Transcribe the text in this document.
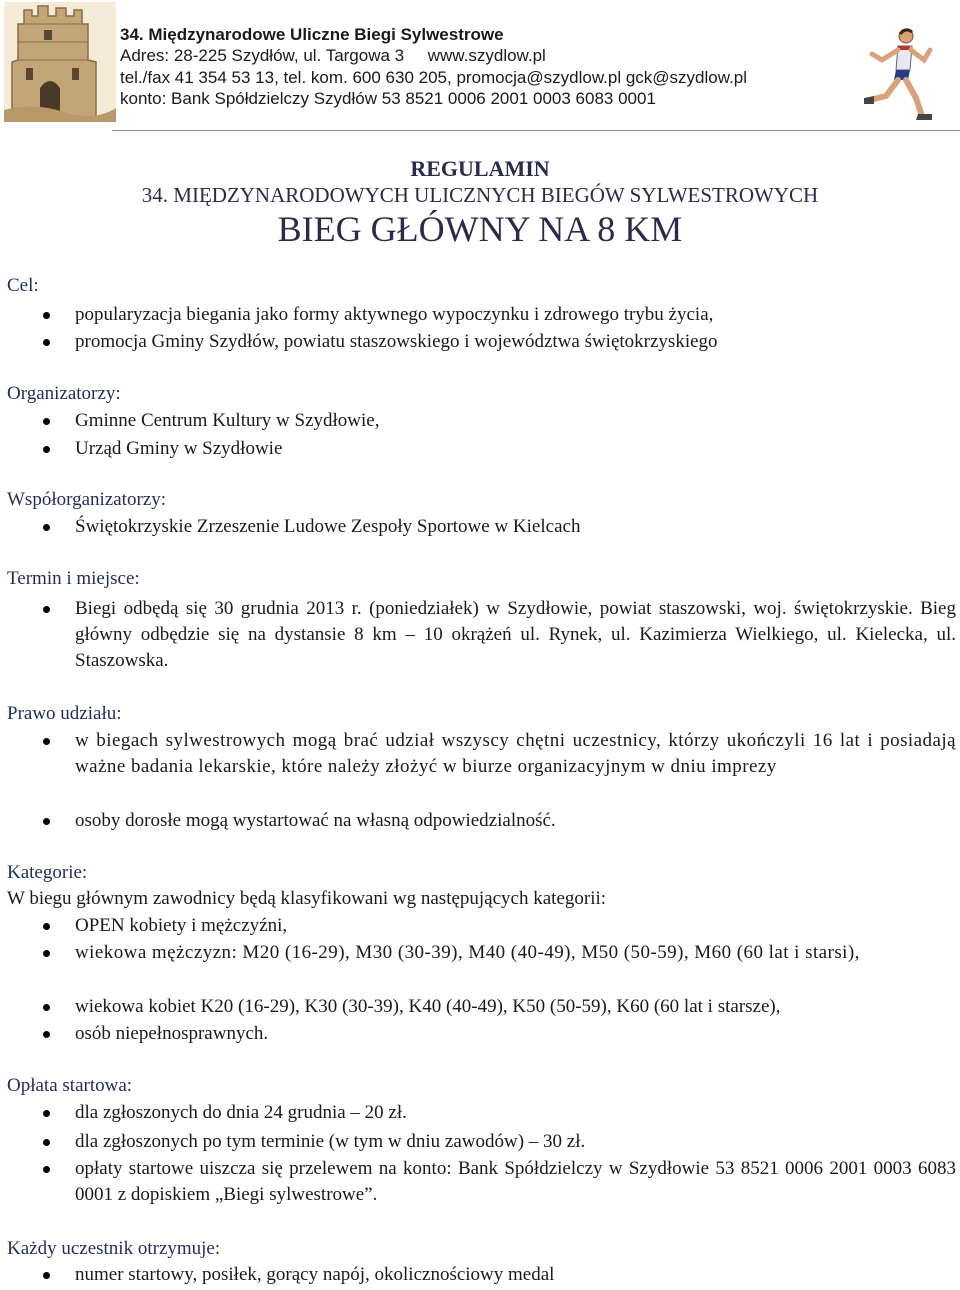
34. Międzynarodowe Uliczne Biegi Sylwestrowe
Adres: 28-225 Szydłów, ul. Targowa 3     www.szydlow.pl
tel./fax 41 354 53 13, tel. kom. 600 630 205, promocja@szydlow.pl gck@szydlow.pl
konto: Bank Spółdzielczy Szydłów 53 8521 0006 2001 0003 6083 0001
REGULAMIN
34. MIĘDZYNARODOWYCH ULICZNYCH BIEGÓW SYLWESTROWYCH
BIEG GŁÓWNY NA 8 KM
Cel:
popularyzacja biegania jako formy aktywnego wypoczynku i zdrowego trybu życia,
promocja Gminy Szydłów, powiatu staszowskiego i województwa świętokrzyskiego
Organizatorzy:
Gminne Centrum Kultury w Szydłowie,
Urząd Gminy w Szydłowie
Współorganizatorzy:
Świętokrzyskie Zrzeszenie Ludowe Zespoły Sportowe w Kielcach
Termin i miejsce:
Biegi odbędą się 30 grudnia 2013 r. (poniedziałek) w Szydłowie, powiat staszowski, woj. świętokrzyskie. Bieg główny odbędzie się na dystansie 8 km – 10 okrążeń ul. Rynek, ul. Kazimierza Wielkiego, ul. Kielecka, ul. Staszowska.
Prawo udziału:
w biegach sylwestrowych mogą brać udział wszyscy chętni uczestnicy, którzy ukończyli 16 lat i posiadają ważne badania lekarskie, które należy złożyć w biurze organizacyjnym w dniu imprezy
osoby dorosłe mogą wystartować na własną odpowiedzialność.
Kategorie:
W biegu głównym zawodnicy będą klasyfikowani wg następujących kategorii:
OPEN kobiety i mężczyźni,
wiekowa mężczyzn: M20 (16-29), M30 (30-39), M40 (40-49), M50 (50-59), M60 (60 lat i starsi),
wiekowa kobiet K20 (16-29), K30 (30-39), K40 (40-49), K50 (50-59), K60 (60 lat i starsze),
osób niepełnosprawnych.
Opłata startowa:
dla zgłoszonych do dnia 24 grudnia – 20 zł.
dla zgłoszonych po tym terminie (w tym w dniu zawodów) – 30 zł.
opłaty startowe uiszcza się przelewem na konto: Bank Spółdzielczy w Szydłowie 53 8521 0006 2001 0003 6083 0001 z dopiskiem „Biegi sylwestrowe”.
Każdy uczestnik otrzymuje:
numer startowy, posiłek, gorący napój, okolicznościowy medal
